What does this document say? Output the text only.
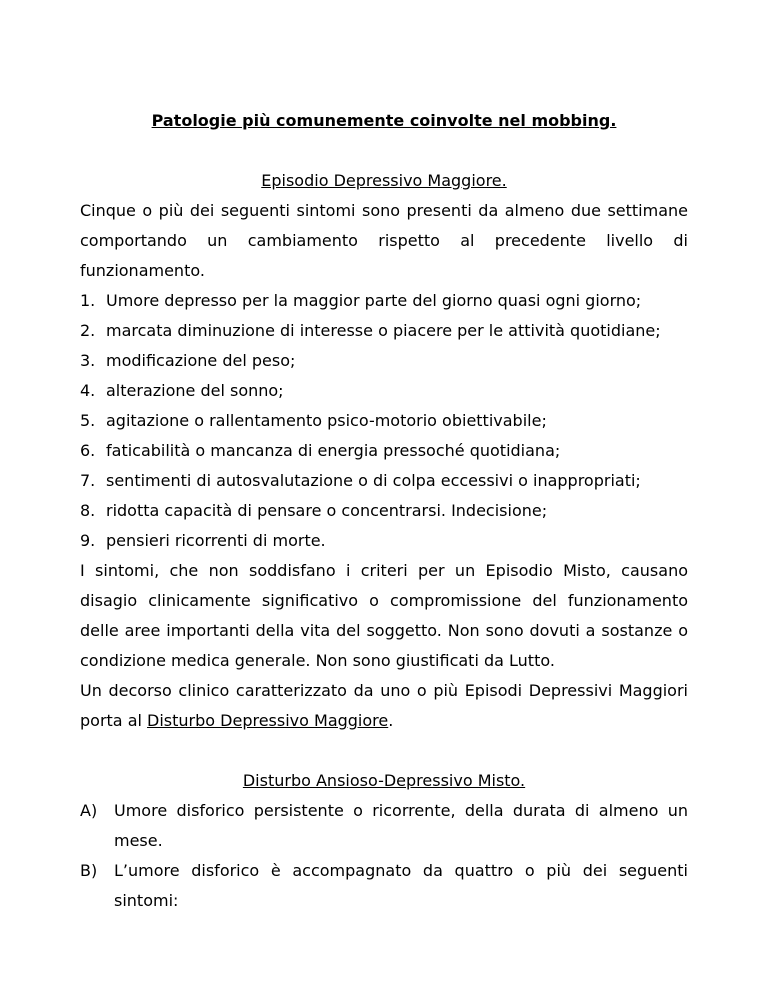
Patologie più comunemente coinvolte nel mobbing.
Episodio Depressivo Maggiore.
Cinque o più dei seguenti sintomi sono presenti da almeno due settimane comportando un cambiamento rispetto al precedente livello di
funzionamento.
1. Umore depresso per la maggior parte del giorno quasi ogni giorno;
2. marcata diminuzione di interesse o piacere per le attività quotidiane;
3. modificazione del peso;
4. alterazione del sonno;
5. agitazione o rallentamento psico-motorio obiettivabile;
6. faticabilità o mancanza di energia pressoché quotidiana;
7. sentimenti di autosvalutazione o di colpa eccessivi o inappropriati;
8. ridotta capacità di pensare o concentrarsi. Indecisione;
9. pensieri ricorrenti di morte.
I sintomi, che non soddisfano i criteri per un Episodio Misto, causano disagio clinicamente significativo o compromissione del funzionamento delle aree importanti della vita del soggetto. Non sono dovuti a sostanze o condizione medica generale. Non sono giustificati da Lutto.
Un decorso clinico caratterizzato da uno o più Episodi Depressivi Maggiori porta al Disturbo Depressivo Maggiore.
Disturbo Ansioso-Depressivo Misto.
A)	Umore disforico persistente o ricorrente, della durata di almeno un mese.
B)	L’umore disforico è accompagnato da quattro o più dei seguenti sintomi:
